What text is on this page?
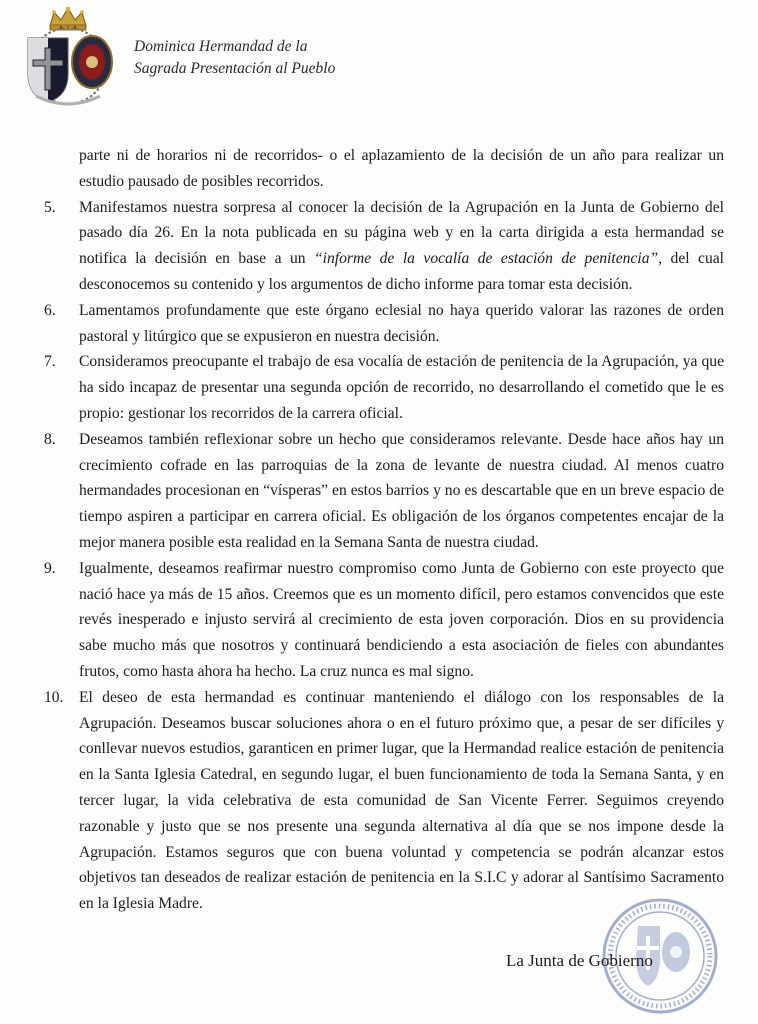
Dominica Hermandad de la
Sagrada Presentación al Pueblo

parte ni de horarios ni de recorridos- o el aplazamiento de la decisión de un año para realizar un estudio pausado de posibles recorridos.

5. Manifestamos nuestra sorpresa al conocer la decisión de la Agrupación en la Junta de Gobierno del pasado día 26. En la nota publicada en su página web y en la carta dirigida a esta hermandad se notifica la decisión en base a un “informe de la vocalía de estación de penitencia”, del cual desconocemos su contenido y los argumentos de dicho informe para tomar esta decisión.
6. Lamentamos profundamente que este órgano eclesial no haya querido valorar las razones de orden pastoral y litúrgico que se expusieron en nuestra decisión.
7. Consideramos preocupante el trabajo de esa vocalía de estación de penitencia de la Agrupación, ya que ha sido incapaz de presentar una segunda opción de recorrido, no desarrollando el cometido que le es propio: gestionar los recorridos de la carrera oficial.
8. Deseamos también reflexionar sobre un hecho que consideramos relevante. Desde hace años hay un crecimiento cofrade en las parroquias de la zona de levante de nuestra ciudad. Al menos cuatro hermandades procesionan en “vísperas” en estos barrios y no es descartable que en un breve espacio de tiempo aspiren a participar en carrera oficial. Es obligación de los órganos competentes encajar de la mejor manera posible esta realidad en la Semana Santa de nuestra ciudad.
9. Igualmente, deseamos reafirmar nuestro compromiso como Junta de Gobierno con este proyecto que nació hace ya más de 15 años. Creemos que es un momento difícil, pero estamos convencidos que este revés inesperado e injusto servirá al crecimiento de esta joven corporación. Dios en su providencia sabe mucho más que nosotros y continuará bendiciendo a esta asociación de fieles con abundantes frutos, como hasta ahora ha hecho. La cruz nunca es mal signo.
10. El deseo de esta hermandad es continuar manteniendo el diálogo con los responsables de la Agrupación. Deseamos buscar soluciones ahora o en el futuro próximo que, a pesar de ser difíciles y conllevar nuevos estudios, garanticen en primer lugar, que la Hermandad realice estación de penitencia en la Santa Iglesia Catedral, en segundo lugar, el buen funcionamiento de toda la Semana Santa, y en tercer lugar, la vida celebrativa de esta comunidad de San Vicente Ferrer. Seguimos creyendo razonable y justo que se nos presente una segunda alternativa al día que se nos impone desde la Agrupación. Estamos seguros que con buena voluntad y competencia se podrán alcanzar estos objetivos tan deseados de realizar estación de penitencia en la S.I.C y adorar al Santísimo Sacramento en la Iglesia Madre.
La Junta de Gobierno
